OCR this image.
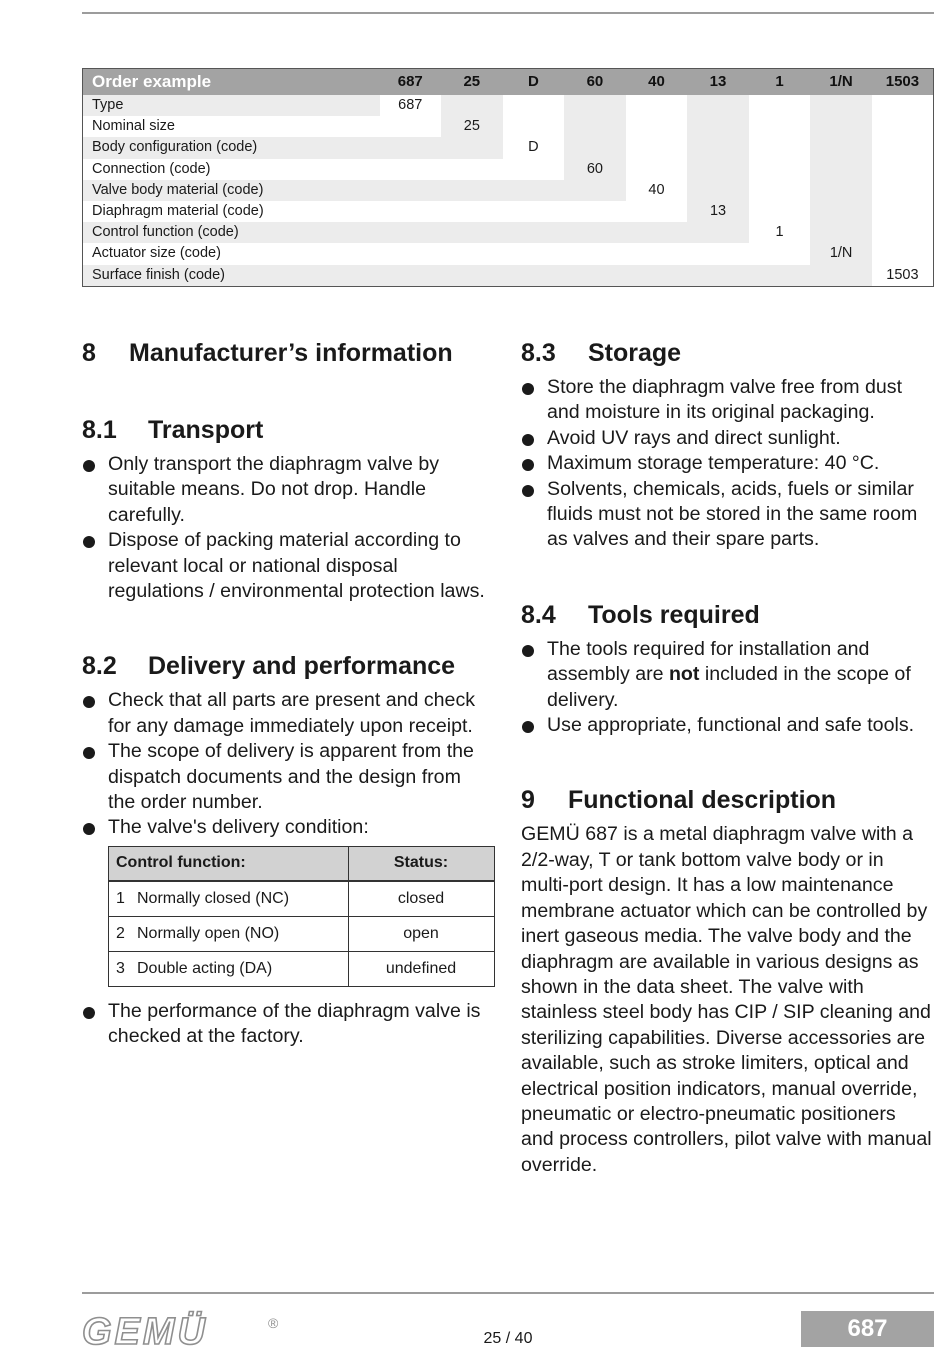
Order example	687	25	D	60	40	13	1	1/N	1503
Type	687								
Nominal size		25							
Body configuration (code)			D						
Connection (code)				60					
Valve body material (code)					40				
Diaphragm material (code)						13			
Control function (code)							1		
Actuator size (code)								1/N	
Surface finish (code)									1503
8 Manufacturer’s information
8.1 Transport
Only transport the diaphragm valve by suitable means. Do not drop. Handle carefully.
Dispose of packing material according to relevant local or national disposal regulations / environmental protection laws.
8.2 Delivery and performance
Check that all parts are present and check for any damage immediately upon receipt.
The scope of delivery is apparent from the dispatch documents and the design from the order number.
The valve's delivery condition:
Control function:	Status:
1 Normally closed (NC)	closed
2 Normally open (NO)	open
3 Double acting (DA)	undefined
The performance of the diaphragm valve is checked at the factory.
8.3 Storage
Store the diaphragm valve free from dust and moisture in its original packaging.
Avoid UV rays and direct sunlight.
Maximum storage temperature: 40 °C.
Solvents, chemicals, acids, fuels or similar fluids must not be stored in the same room as valves and their spare parts.
8.4 Tools required
The tools required for installation and assembly are not included in the scope of delivery.
Use appropriate, functional and safe tools.
9 Functional description

GEMÜ 687 is a metal diaphragm valve with a 2/2-way, T or tank bottom valve body or in multi-port design. It has a low maintenance membrane actuator which can be controlled by inert gaseous media. The valve body and the diaphragm are available in various designs as shown in the data sheet. The valve with stainless steel body has CIP / SIP cleaning and sterilizing capabilities. Diverse accessories are available, such as stroke limiters, optical and electrical position indicators, manual override, pneumatic or electro-pneumatic positioners and process controllers, pilot valve with manual override.

GEMÜ	®
25 / 40	687
